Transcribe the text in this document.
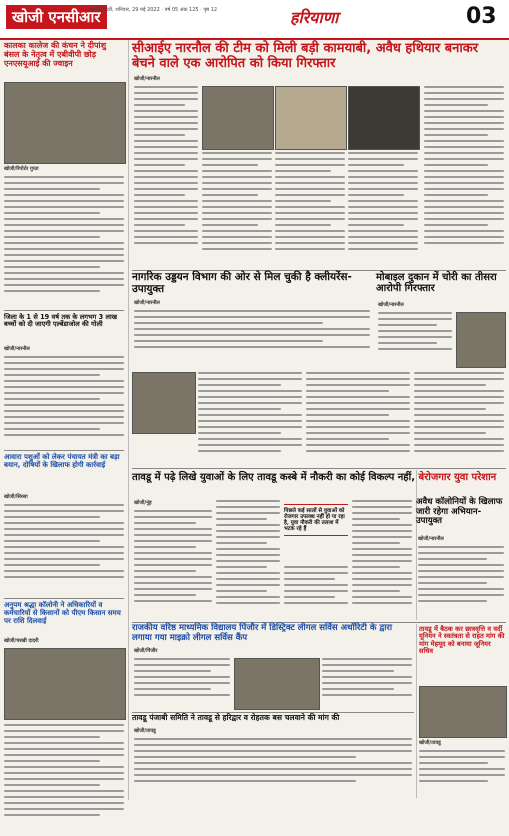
खोजी एनसीआर
चरखी दादरी, शनिवार, 29 मई 2022 · वर्ष 05 अंक 125 · पृष्ठ 12	हरियाणा	03
कालका कालेज की कंचन ने दीपांशु बंसल के नेतृत्व में एबीवीपी छोड़ एनएसयूआई की ज्वाइन
खोजी/रिपोर्टर गुप्ता
जिला के 1 से 19 वर्ष तक के लगभग 3 लाख बच्चों को दी जाएगी एल्बेंडाजोल की गोली
खोजी/नारनौल
आवारा पशुओं को लेकर पंचायत मंत्री का बड़ा बयान, दोषियों के खिलाफ होगी कार्रवाई
खोजी/सिरसा
अनुपम श्रद्धा कॉलोनी ने अधिकारियों व कर्मचारियों से किसानों को पीएम किसान समय पर राशि दिलवाई
खोजी/चरखी दादरी
सीआईए नारनौल की टीम को मिली बड़ी कामयाबी, अवैध हथियार बनाकर बेचने वाले एक आरोपित को किया गिरफ्तार
खोजी/नारनौल
नागरिक उड्डयन विभाग की ओर से मिल चुकी है क्लीयरेंस-उपायुक्त
खोजी/नारनौल
मोबाइल दुकान में चोरी का तीसरा आरोपी गिरफ्तार
खोजी/नारनौल
तावडू में पढ़े लिखे युवाओं के लिए तावडू कस्बे में नौकरी का कोई विकल्प नहीं, बेरोजगार युवा परेशान
खोजी/नूंह
पिछले कई सालों से युवाओं को रोजगार उपलब्ध नहीं हो पा रहा है, युवा नौकरी की तलाश में भटक रहे हैं
अवैध कॉलोनियों के खिलाफ जारी रहेगा अभियान-उपायुक्त
खोजी/नारनौल
राजकीय वरिष्ठ माध्यमिक विद्यालय पिंजौर में डिस्ट्रिक्ट लीगल सर्विस अथॉरिटी के द्वारा लगाया गया माइक्रो लीगल सर्विस कैंप
खोजी/पिंजौर
तावडू पंजाबी समिति ने तावडू से हरिद्वार व रोहतक बस चलवाने की मांग की
खोजी/तावडू
तावडू में बैठक कर छात्रवृत्ति व वर्दी यूनियन ने स्वतंत्रता से राहत मांग की मांग मेहमूद को बनाया जूनियर सचिव
खोजी/तावडू
